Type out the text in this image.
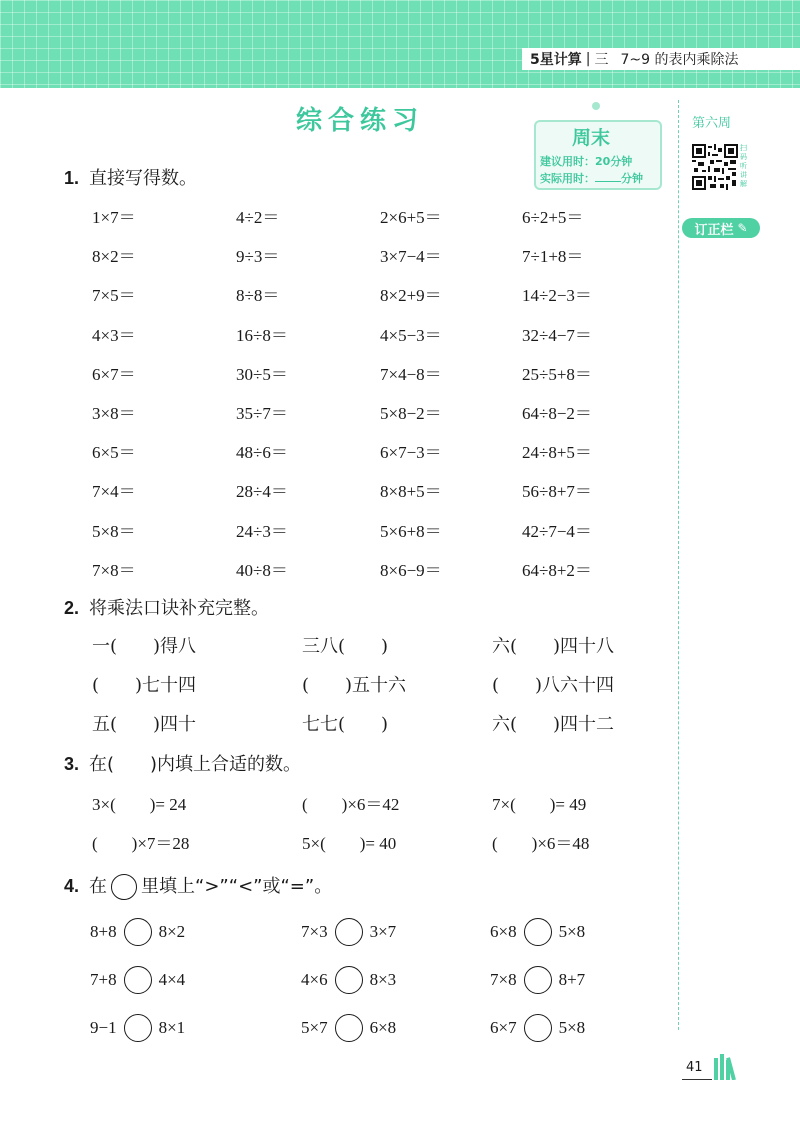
5星计算 | 三 7~9 的表内乘除法
综合练习
周末
建议用时：20分钟
实际用时： 分钟
第六周
扫码听讲解
订正栏 ✎
1. 直接写得数。
1×7＝	4÷2＝	2×6+5＝	6÷2+5＝
8×2＝	9÷3＝	3×7−4＝	7÷1+8＝
7×5＝	8÷8＝	8×2+9＝	14÷2−3＝
4×3＝	16÷8＝	4×5−3＝	32÷4−7＝
6×7＝	30÷5＝	7×4−8＝	25÷5+8＝
3×8＝	35÷7＝	5×8−2＝	64÷8−2＝
6×5＝	48÷6＝	6×7−3＝	24÷8+5＝
7×4＝	28÷4＝	8×8+5＝	56÷8+7＝
5×8＝	24÷3＝	5×6+8＝	42÷7−4＝
7×8＝	40÷8＝	8×6−9＝	64÷8+2＝
2. 将乘法口诀补充完整。
一(　　)得八	三八(　　)	六(　　)四十八
(　　)七十四	(　　)五十六	(　　)八六十四
五(　　)四十	七七(　　)	六(　　)四十二
3. 在(　　)内填上合适的数。
3×(　　)= 24	(　　)×6＝42	7×(　　)= 49
(　　)×7＝28	5×(　　)= 40	(　　)×6＝48
4. 在 里填上“>”“<”或“=”。
8+8 8×2	7×3 3×7	6×8 5×8
7+8 4×4	4×6 8×3	7×8 8+7
9−1 8×1	5×7 6×8	6×7 5×8
41
